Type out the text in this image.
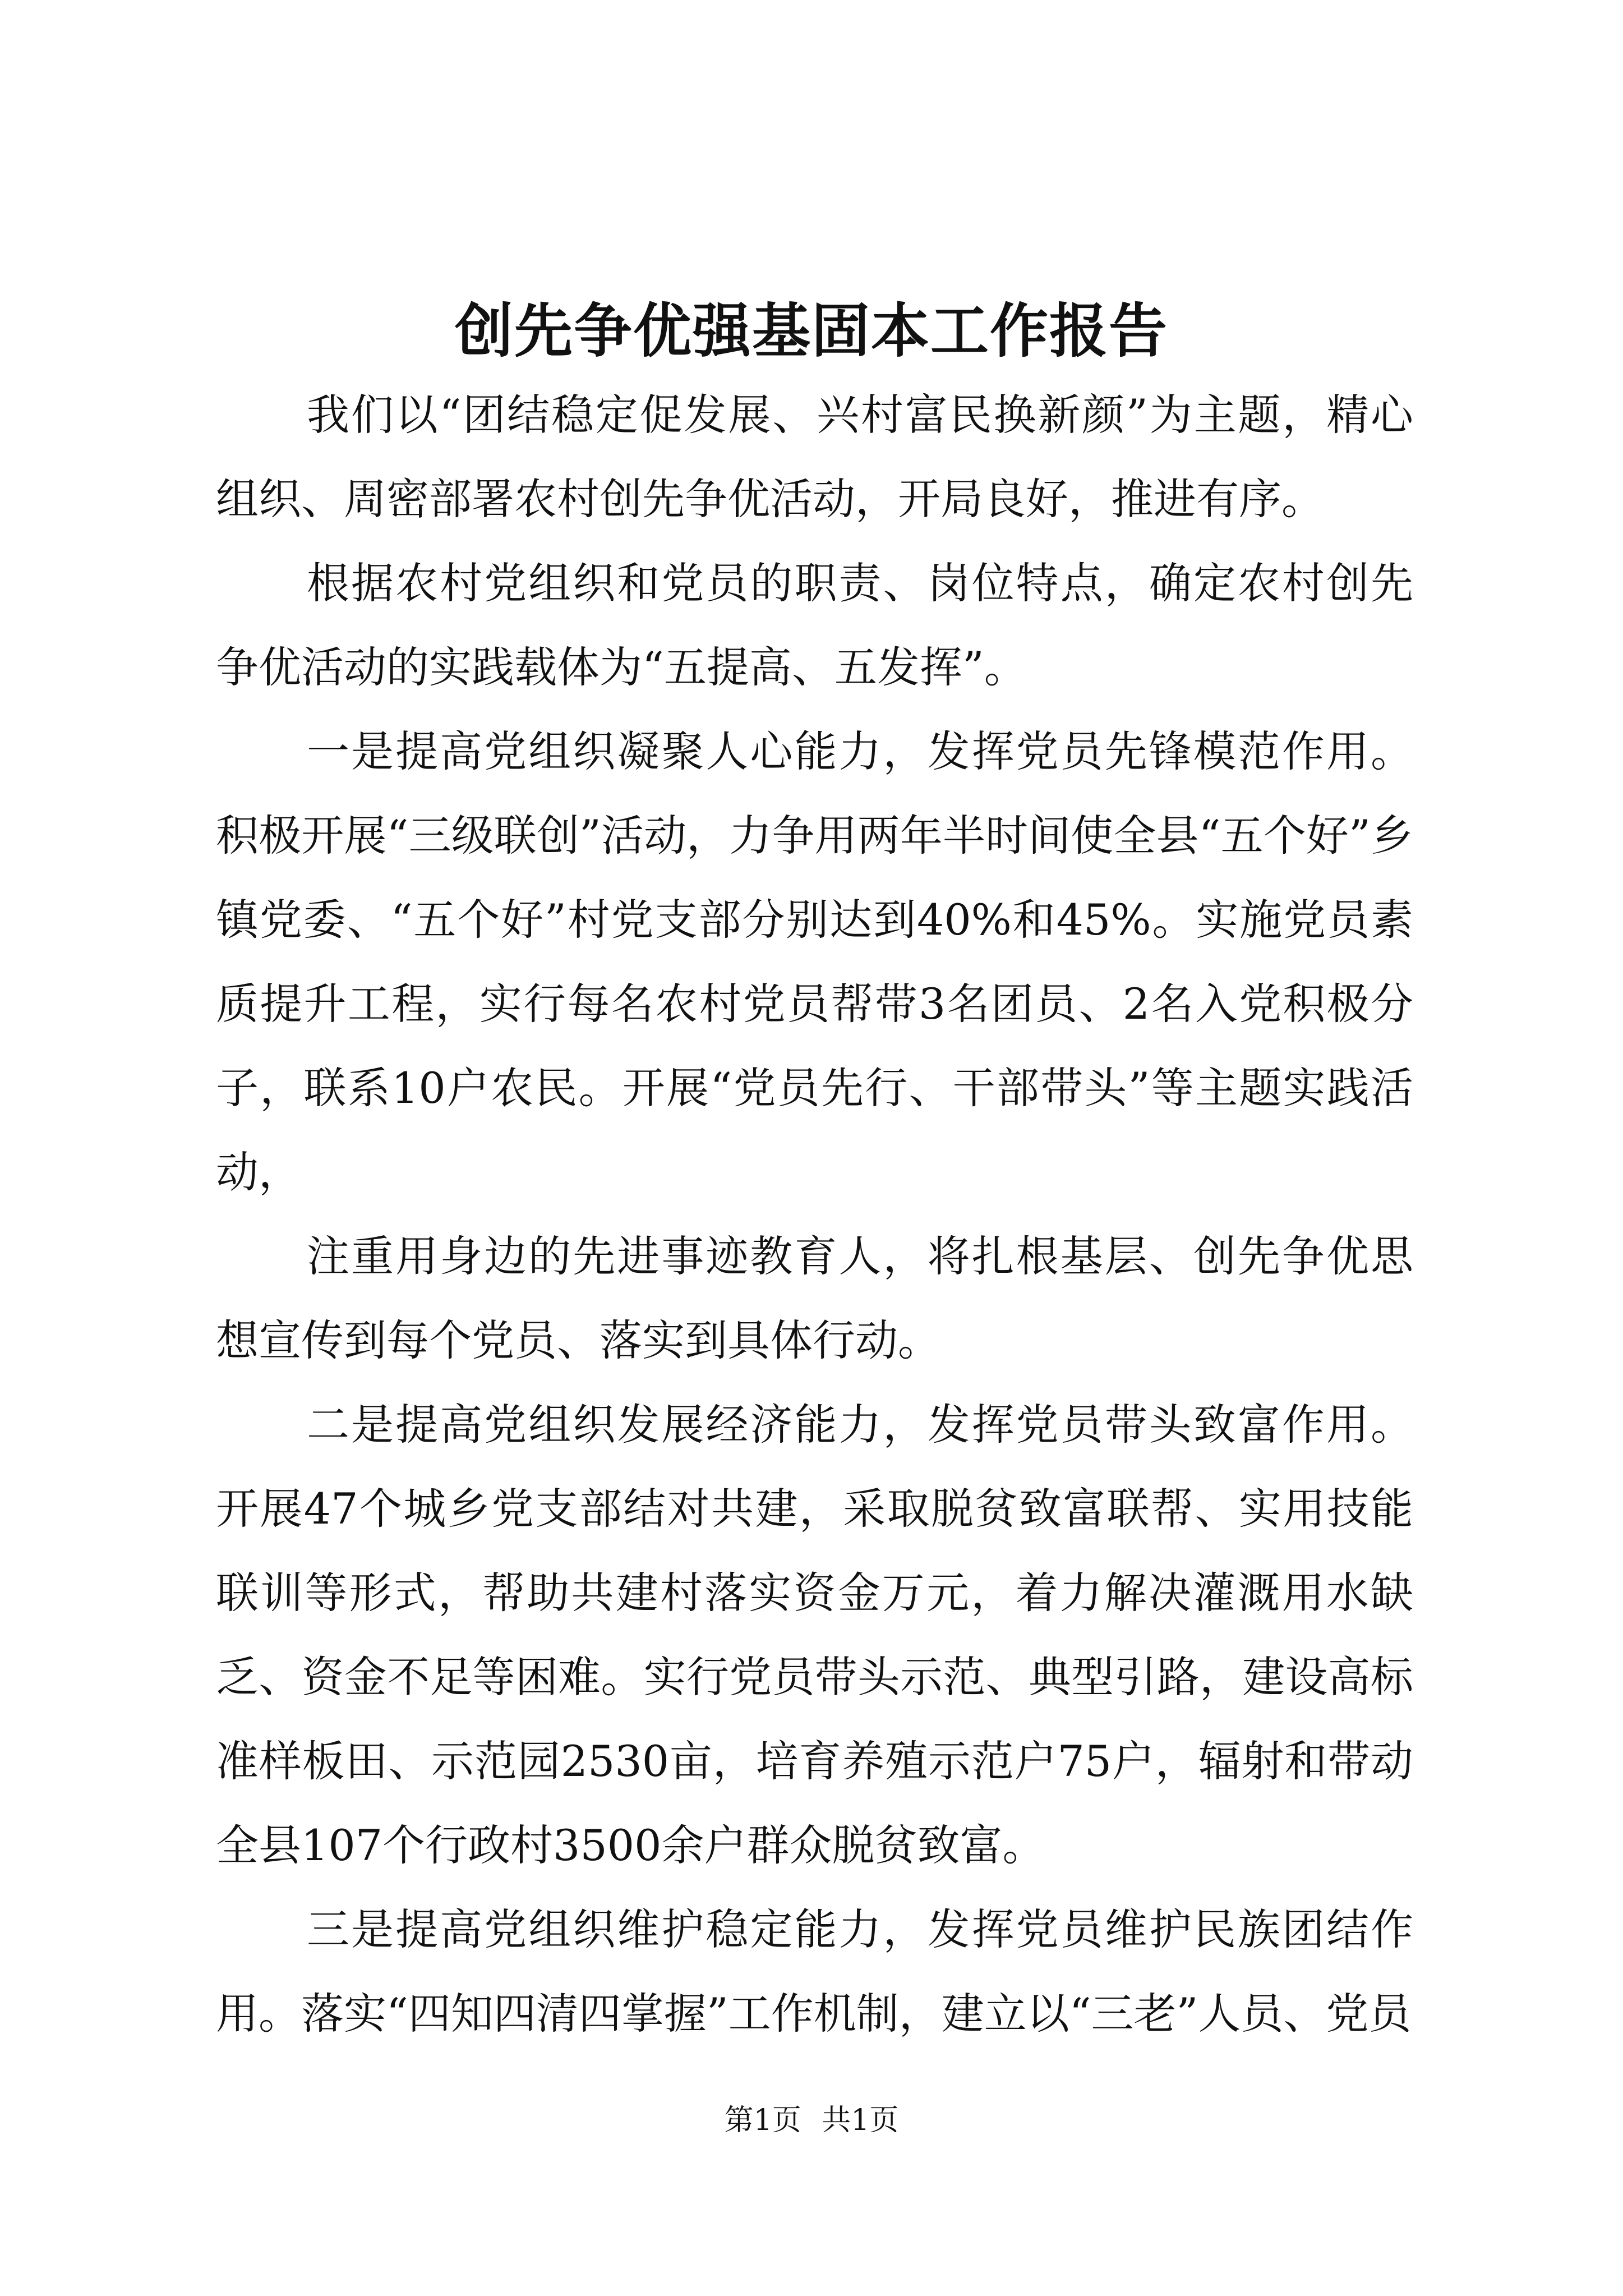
创先争优强基固本工作报告

我们以“团结稳定促发展、兴村富民换新颜”为主题，精心组织、周密部署农村创先争优活动，开局良好，推进有序。

根据农村党组织和党员的职责、岗位特点，确定农村创先争优活动的实践载体为“五提高、五发挥”。

一是提高党组织凝聚人心能力，发挥党员先锋模范作用。积极开展“三级联创”活动，力争用两年半时间使全县“五个好”乡镇党委、“五个好”村党支部分别达到40%和45%。实施党员素质提升工程，实行每名农村党员帮带3名团员、2名入党积极分子，联系10户农民。开展“党员先行、干部带头”等主题实践活动，

注重用身边的先进事迹教育人，将扎根基层、创先争优思想宣传到每个党员、落实到具体行动。

二是提高党组织发展经济能力，发挥党员带头致富作用。开展47个城乡党支部结对共建，采取脱贫致富联帮、实用技能联训等形式，帮助共建村落实资金万元，着力解决灌溉用水缺乏、资金不足等困难。实行党员带头示范、典型引路，建设高标准样板田、示范园2530亩，培育养殖示范户75户，辐射和带动全县107个行政村3500余户群众脱贫致富。

三是提高党组织维护稳定能力，发挥党员维护民族团结作用。落实“四知四清四掌握”工作机制，建立以“三老”人员、党员

第1页 共1页
